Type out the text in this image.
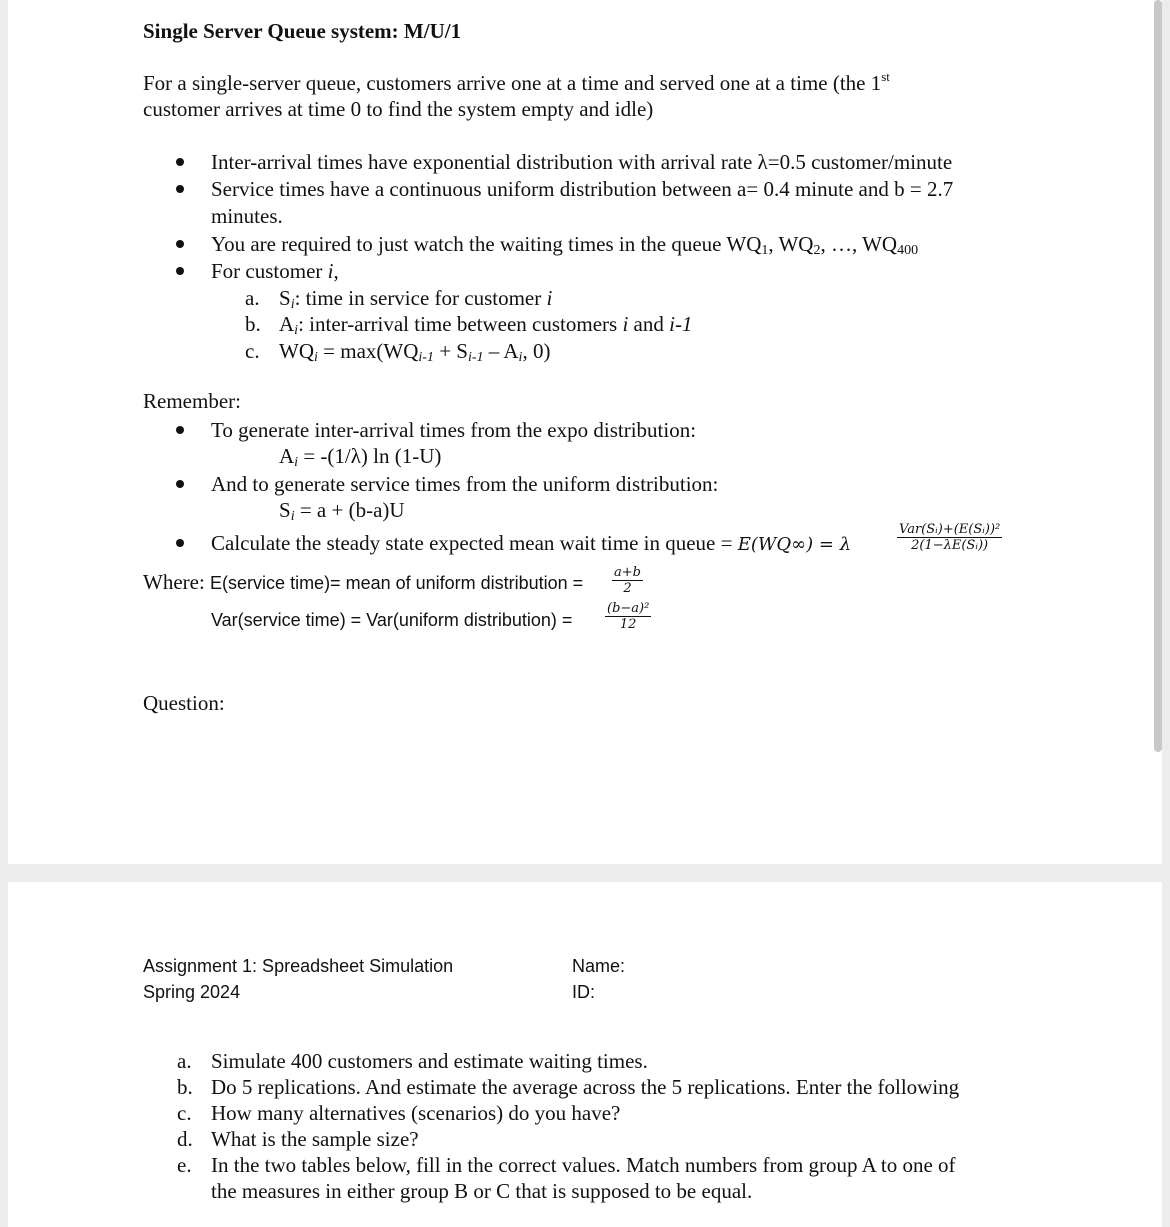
Single Server Queue system: M/U/1
For a single-server queue, customers arrive one at a time and served one at a time (the 1st
customer arrives at time 0 to find the system empty and idle)
Inter-arrival times have exponential distribution with arrival rate λ=0.5 customer/minute
Service times have a continuous uniform distribution between a= 0.4 minute and b = 2.7
minutes.
You are required to just watch the waiting times in the queue $WQ_1$, $WQ_2$, …, $WQ_{400}$
For customer i,
a. $S_i$: time in service for customer i
b. $A_i$: inter-arrival time between customers i and i-1
c. $WQ_i = \max(WQ_{i-1} + S_{i-1} - A_i$, 0)
Remember:
To generate inter-arrival times from the expo distribution:
$A_i = -(1/\lambda)$ ln (1-U)
And to generate service times from the uniform distribution:
$S_i = a + (b-a)U$
Calculate the steady state expected mean wait time in queue = E(WQ∞) = λ
Var(Sᵢ)+(E(Sᵢ))²
2(1−λE(Sᵢ))
Where: E(service time)= mean of uniform distribution = $\frac{a+b}{2}$
Var(service time) = Var(uniform distribution) =	$\frac{\text{(b−a)²}}{12}$
Question:
Assignment 1: Spreadsheet Simulation
Spring 2024
Name:
ID:
a. Simulate 400 customers and estimate waiting times.
b. Do 5 replications. And estimate the average across the 5 replications. Enter the following
c. How many alternatives (scenarios) do you have?
d. What is the sample size?
e. In the two tables below, fill in the correct values. Match numbers from group A to one of
the measures in either group B or C that is supposed to be equal.
